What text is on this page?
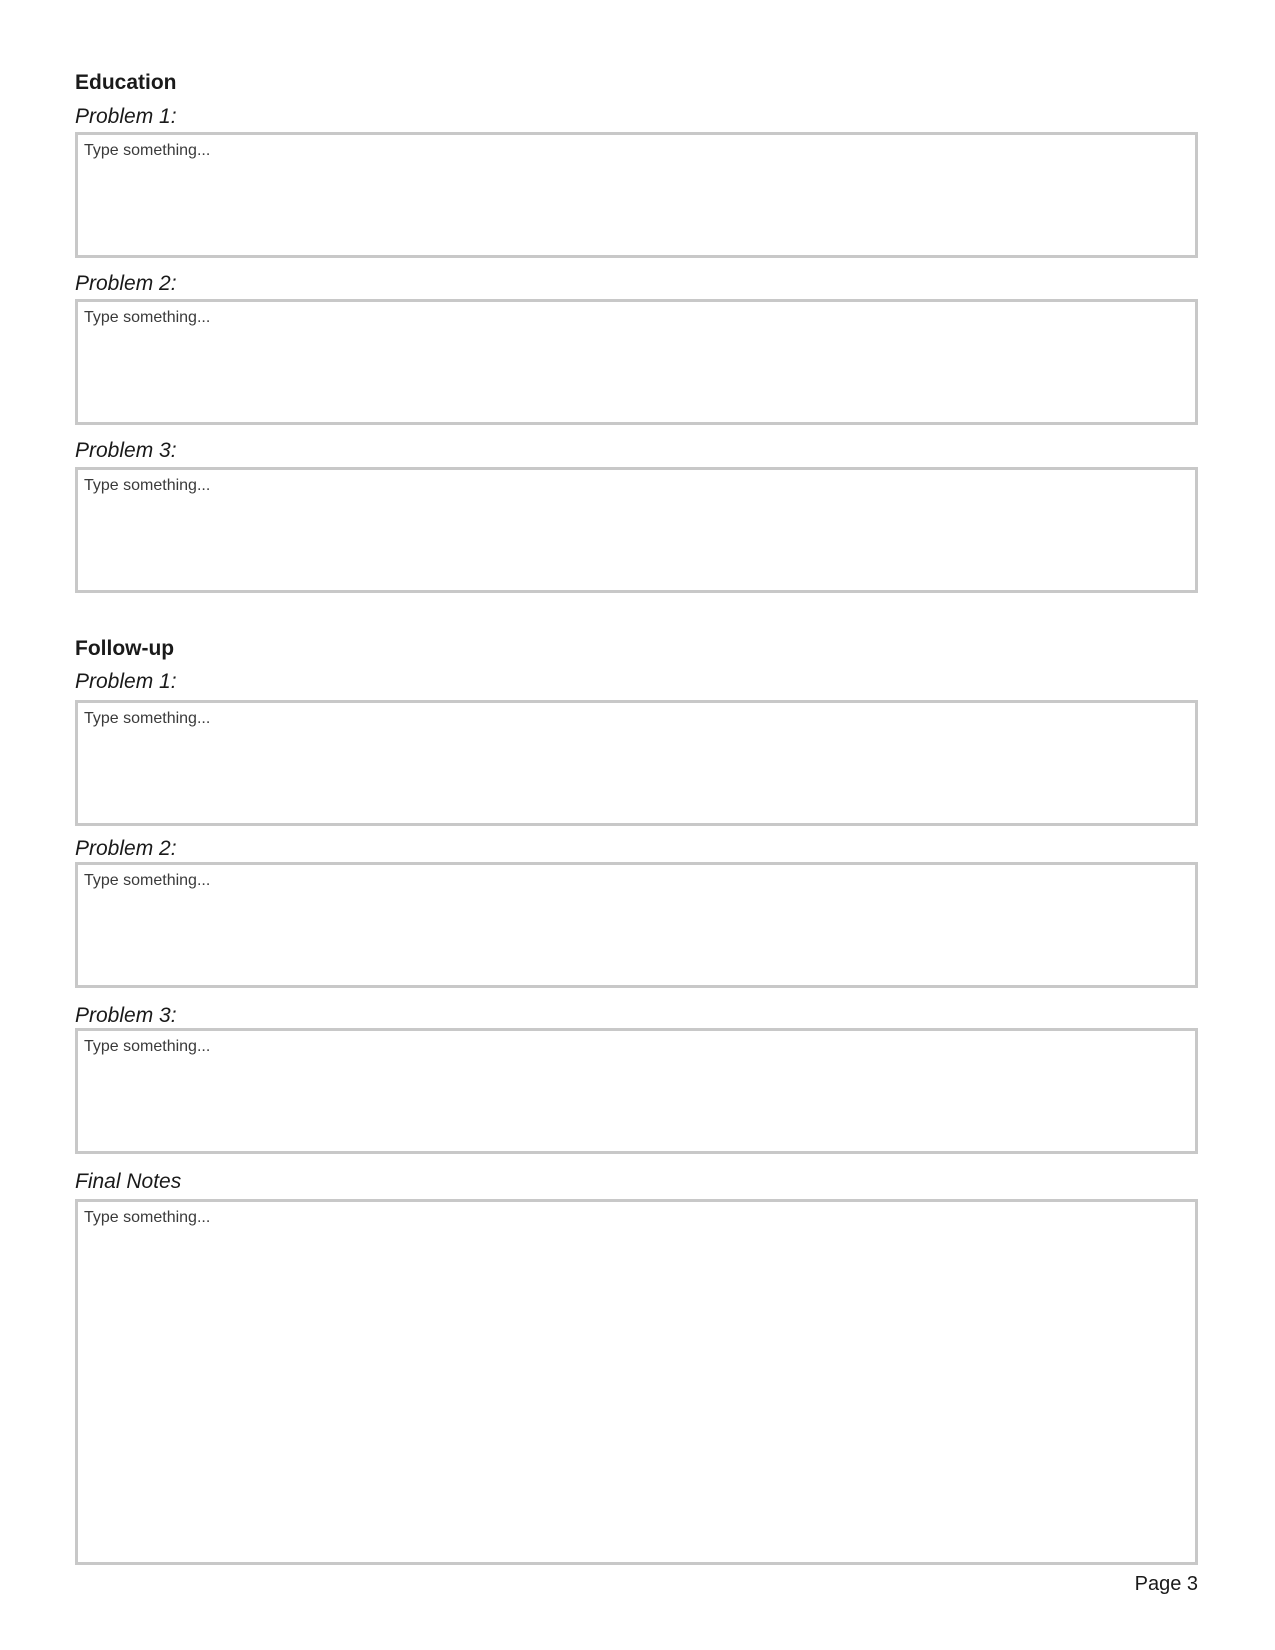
Education
Problem 1:
Type something...
Problem 2:
Type something...
Problem 3:
Type something...
Follow-up
Problem 1:
Type something...
Problem 2:
Type something...
Problem 3:
Type something...
Final Notes
Type something...
Page 3
